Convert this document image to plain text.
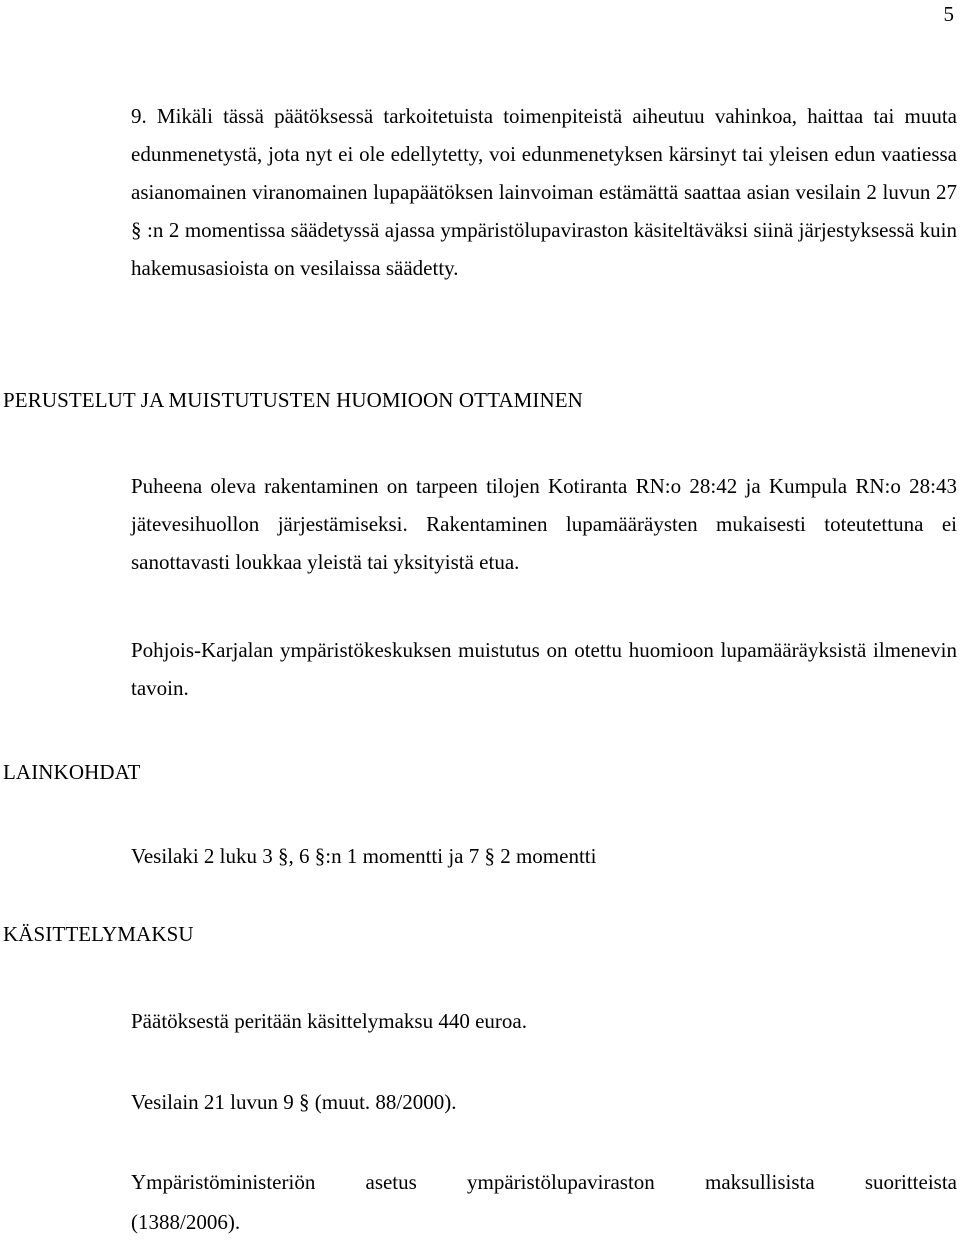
5
9. Mikäli tässä päätöksessä tarkoitetuista toimenpiteistä aiheutuu vahinkoa, haittaa tai muuta edunmenetystä, jota nyt ei ole edellytetty, voi edunmenetyksen kärsinyt tai yleisen edun vaatiessa asianomainen viranomainen lupapäätöksen lainvoiman estämättä saattaa asian vesilain 2 luvun 27 § :n 2 momentissa säädetyssä ajassa ympäristölupaviraston käsiteltäväksi siinä järjestyksessä kuin hakemusasioista on vesilaissa säädetty.
PERUSTELUT JA MUISTUTUSTEN HUOMIOON OTTAMINEN
Puheena oleva rakentaminen on tarpeen tilojen Kotiranta RN:o 28:42 ja Kumpula RN:o 28:43 jätevesihuollon järjestämiseksi. Rakentaminen lupamääräysten mukaisesti toteutettuna ei sanottavasti loukkaa yleistä tai yksityistä etua.
Pohjois-Karjalan ympäristökeskuksen muistutus on otettu huomioon lupamääräyksistä ilmenevin tavoin.
LAINKOHDAT
Vesilaki 2 luku 3 §, 6 §:n 1 momentti ja 7 § 2 momentti
KÄSITTELYMAKSU
Päätöksestä peritään käsittelymaksu 440 euroa.
Vesilain 21 luvun 9 § (muut. 88/2000).
Ympäristöministeriön asetus ympäristölupaviraston maksullisista suoritteista
(1388/2006).
